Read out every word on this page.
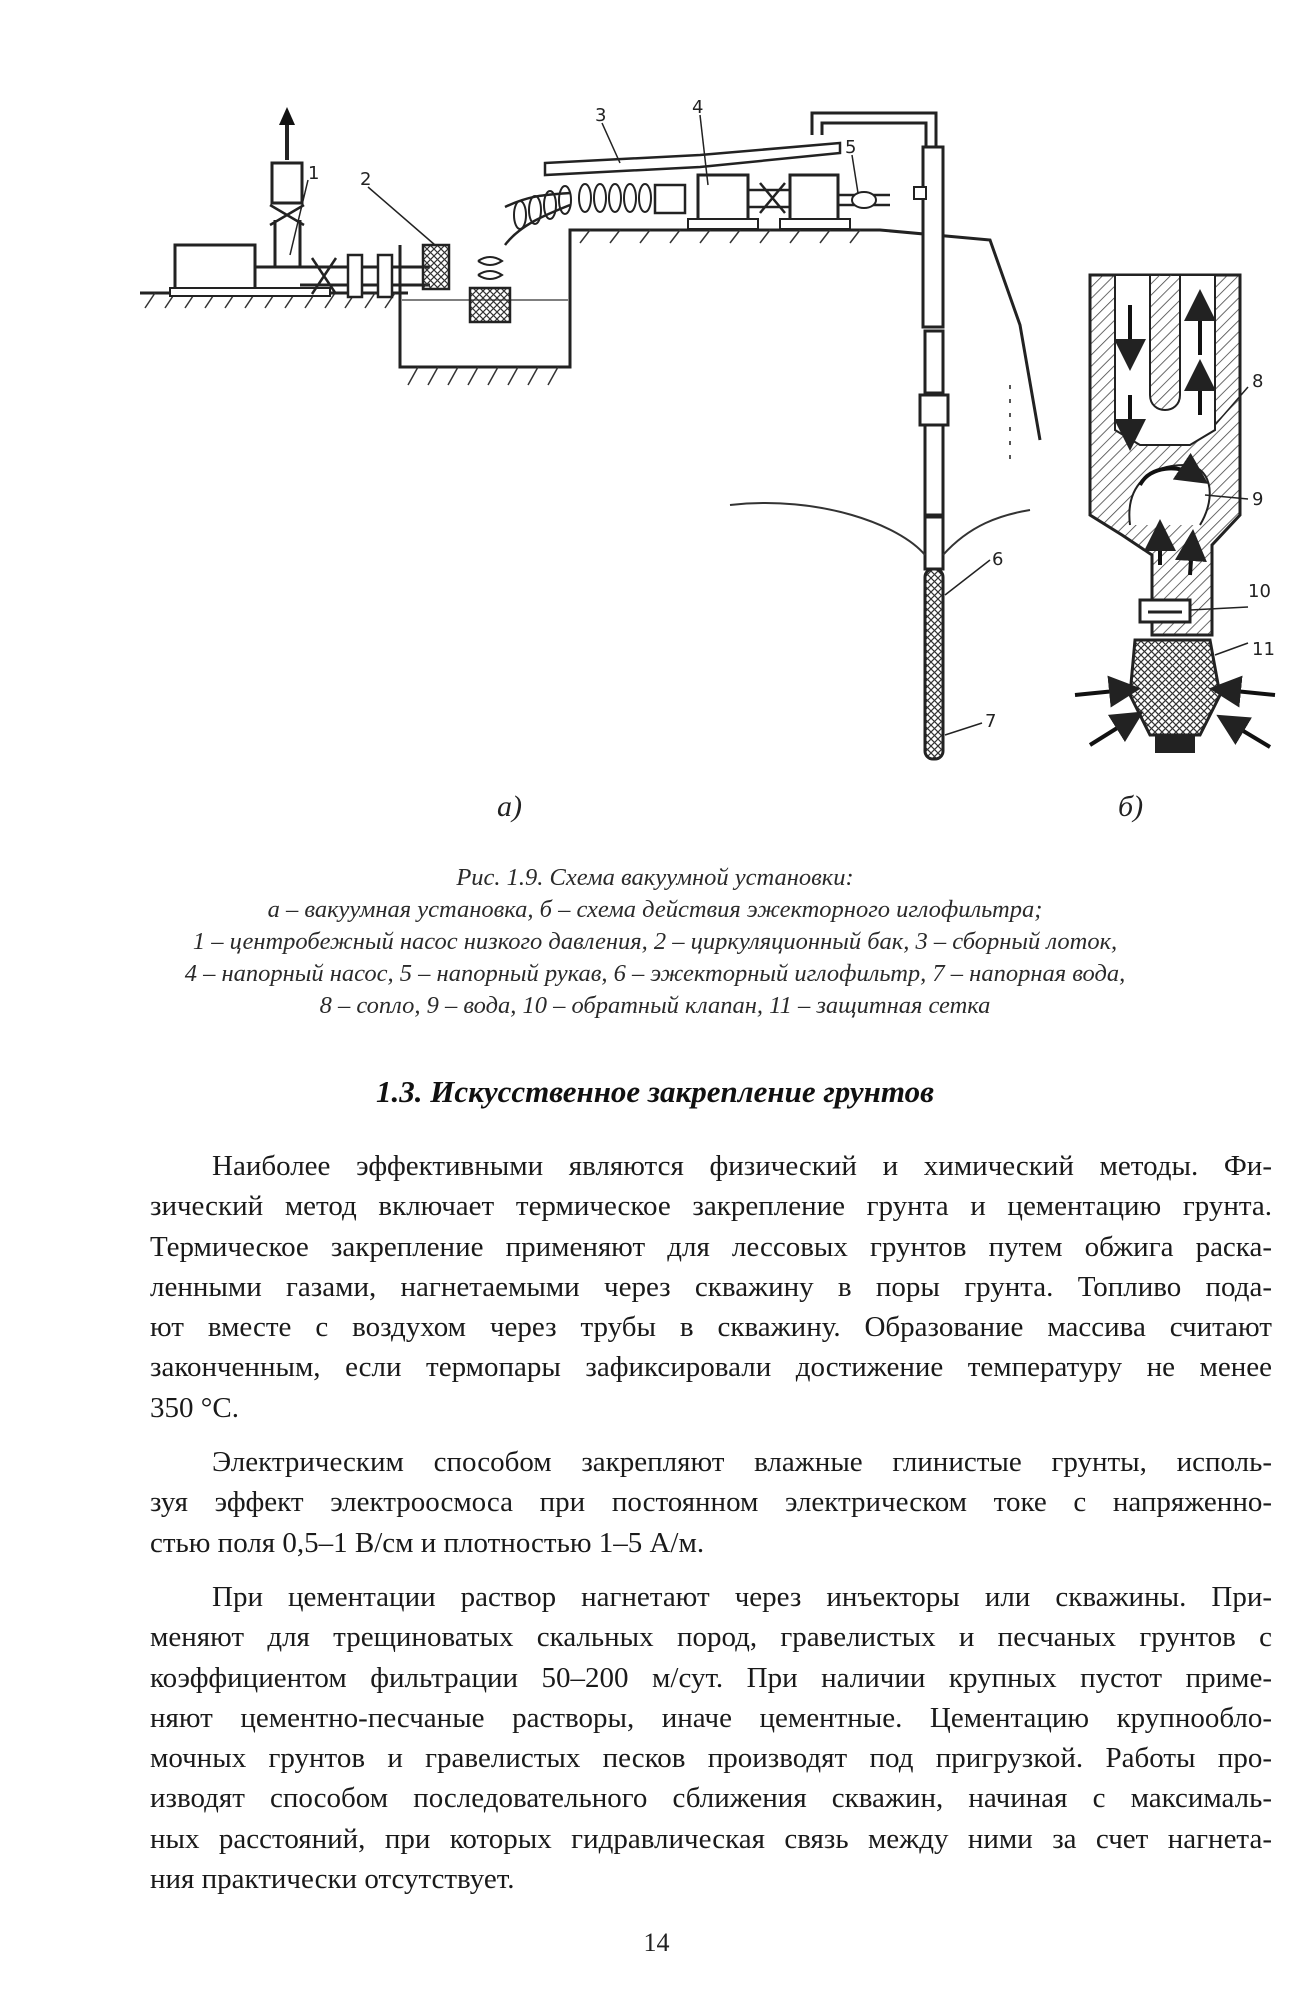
1 2
3	4
5
6
7
8
9
10
11
а)	б)
Рис. 1.9. Схема вакуумной установки:
а – вакуумная установка, б – схема действия эжекторного иглофильтра;
1 – центробежный насос низкого давления, 2 – циркуляционный бак, 3 – сборный лоток,
4 – напорный насос, 5 – напорный рукав, 6 – эжекторный иглофильтр, 7 – напорная вода,
8 – сопло, 9 – вода, 10 – обратный клапан, 11 – защитная сетка
1.3. Искусственное закрепление грунтов
Наиболее эффективными являются физический и химический методы. Фи-
зический метод включает термическое закрепление грунта и цементацию грунта.
Термическое закрепление применяют для лессовых грунтов путем обжига раска-
ленными газами, нагнетаемыми через скважину в поры грунта. Топливо пода-
ют вместе с воздухом через трубы в скважину. Образование массива считают
законченным, если термопары зафиксировали достижение температуру не менее
350 °С.
Электрическим способом закрепляют влажные глинистые грунты, исполь-
зуя эффект электроосмоса при постоянном электрическом токе с напряженно-
стью поля 0,5–1 В/см и плотностью 1–5 А/м.
При цементации раствор нагнетают через инъекторы или скважины. При-
меняют для трещиноватых скальных пород, гравелистых и песчаных грунтов с
коэффициентом фильтрации 50–200 м/сут. При наличии крупных пустот приме-
няют цементно-песчаные растворы, иначе цементные. Цементацию крупнообло-
мочных грунтов и гравелистых песков производят под пригрузкой. Работы про-
изводят способом последовательного сближения скважин, начиная с максималь-
ных расстояний, при которых гидравлическая связь между ними за счет нагнета-
ния практически отсутствует.
14
